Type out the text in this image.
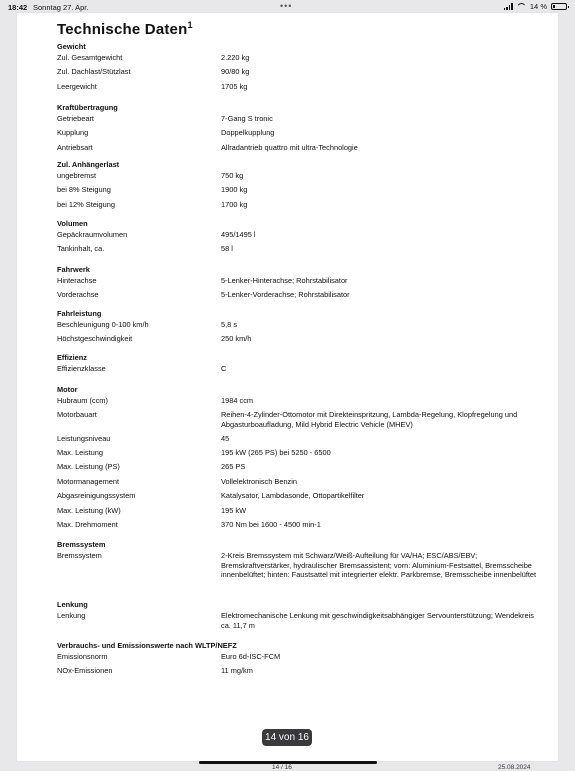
18:42 Sonntag 27. Apr.	•••	14 %
Technische Daten$^1$
Gewicht
Zul. Gesamtgewicht	2.220 kg
Zul. Dachlast/Stützlast	90/80 kg
Leergewicht	1705 kg
Kraftübertragung
Getriebeart	7-Gang S tronic
Kupplung	Doppelkupplung
Antriebsart	Allradantrieb quattro mit ultra-Technologie
Zul. Anhängerlast
ungebremst	750 kg
bei 8% Steigung	1900 kg
bei 12% Steigung	1700 kg
Volumen
Gepäckraumvolumen	495/1495 l
Tankinhalt, ca.	58 l
Fahrwerk
Hinterachse	5-Lenker-Hinterachse; Rohrstabilisator
Vorderachse	5-Lenker-Vorderachse; Rohrstabilisator
Fahrleistung
Beschleunigung 0-100 km/h	5,8 s
Höchstgeschwindigkeit	250 km/h
Effizienz
Effizienzklasse	C
Motor
Hubraum (ccm)	1984 ccm
Motorbauart	Reihen-4-Zylinder-Ottomotor mit Direkteinspritzung, Lambda-Regelung, Klopfregelung und Abgasturboaufladung, Mild Hybrid Electric Vehicle (MHEV)
Leistungsniveau	45
Max. Leistung	195 kW (265 PS) bei 5250 - 6500
Max. Leistung (PS)	265 PS
Motormanagement	Vollelektronisch Benzin
Abgasreinigungssystem	Katalysator, Lambdasonde, Ottopartikelfilter
Max. Leistung (kW)	195 kW
Max. Drehmoment	370 Nm bei 1600 - 4500 min-1
Bremssystem
Bremssystem	2-Kreis Bremssystem mit Schwarz/Weiß-Aufteilung für VA/HA; ESC/ABS/EBV; Bremskraftverstärker, hydraulischer Bremsassistent; vorn: Aluminium-Festsattel, Bremsscheibe innenbelüftet; hinten: Faustsattel mit integrierter elektr. Parkbremse, Bremsscheibe innenbelüftet
Lenkung
Lenkung	Elektromechanische Lenkung mit geschwindigkeitsabhängiger Servounterstützung; Wendekreis ca. 11,7 m
Verbrauchs- und Emissionswerte nach WLTP/NEFZ
Emissionsnorm	Euro 6d-ISC-FCM
NOx-Emissionen	11 mg/km
14 von 16
14 / 16	25.08.2024
